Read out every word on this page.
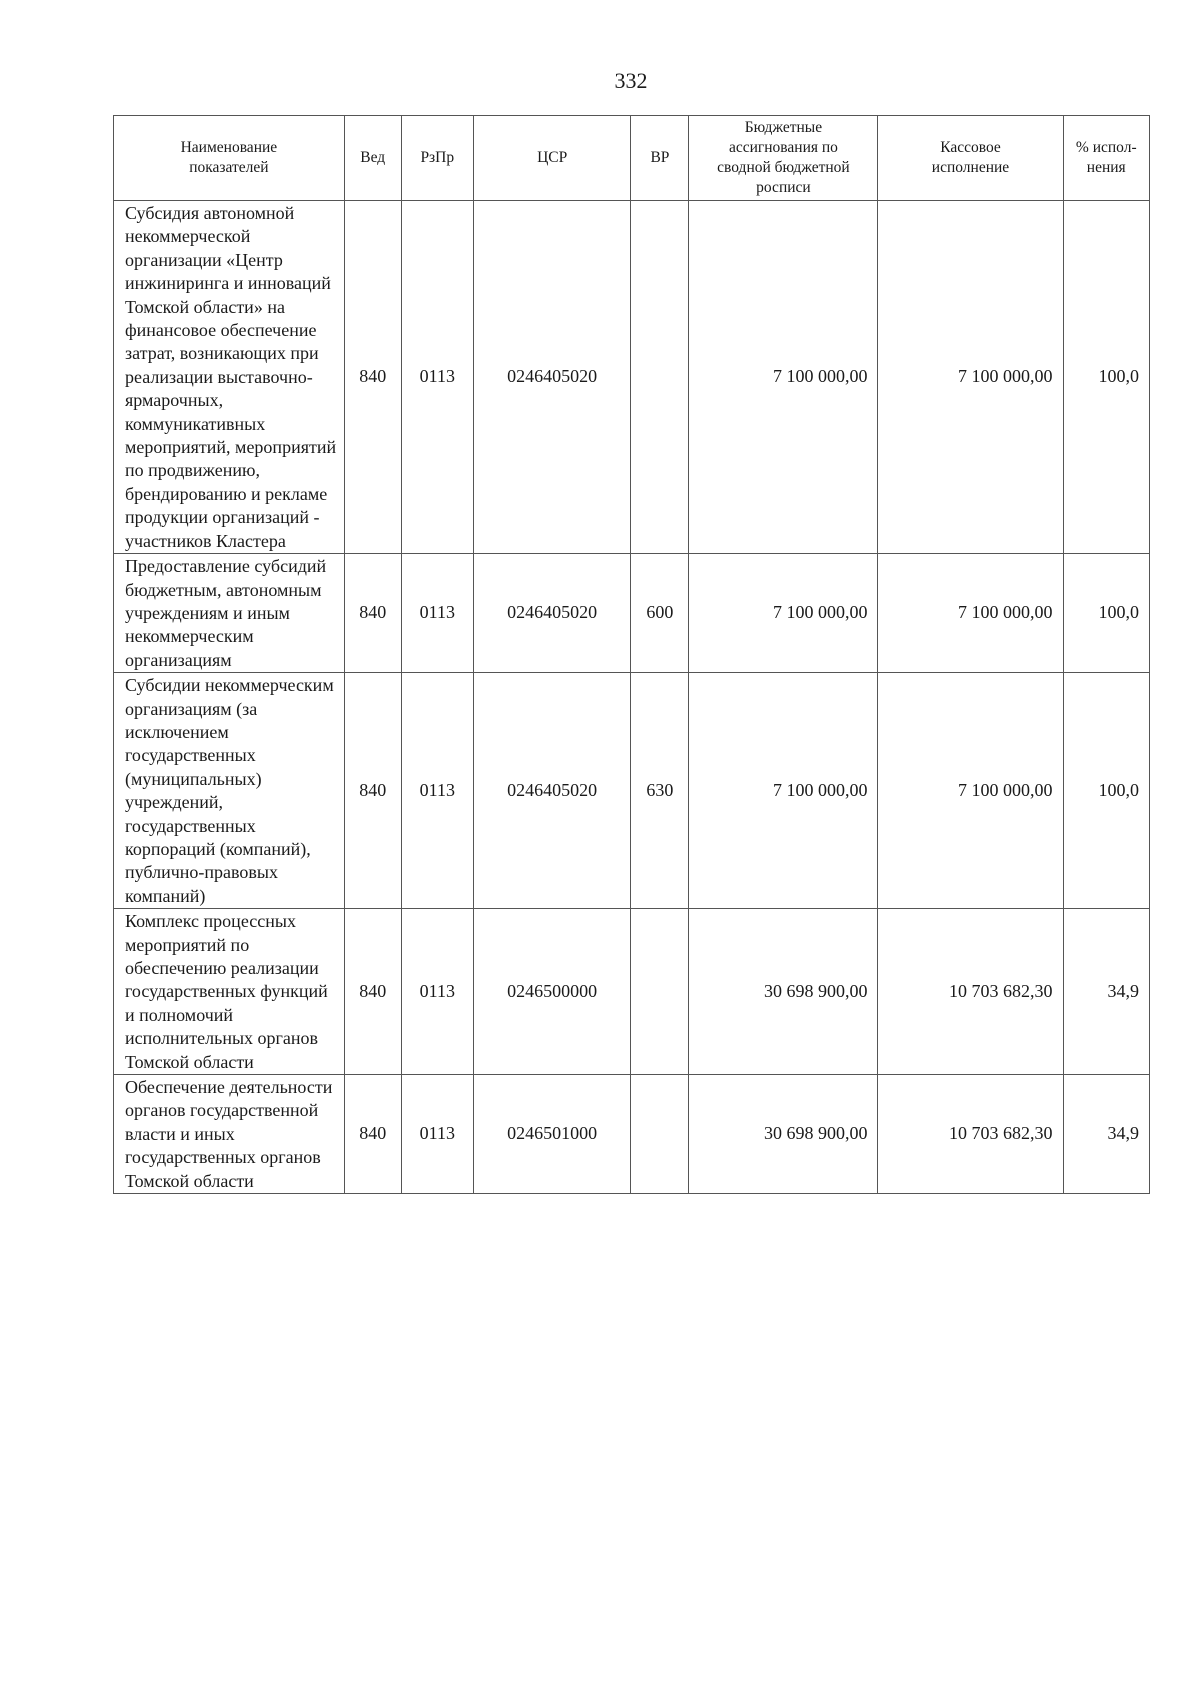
332
Наименование показателей	Вед	РзПр	ЦСР	ВР	Бюджетные ассигнования по сводной бюджетной росписи	Кассовое исполнение	% испол-нения
Субсидия автономной некоммерческой организации «Центр инжиниринга и инноваций Томской области» на финансовое обеспечение затрат, возникающих при реализации выставочно-ярмарочных, коммуникативных мероприятий, мероприятий по продвижению, брендированию и рекламе продукции организаций - участников Кластера	840	0113	0246405020		7 100 000,00	7 100 000,00	100,0
Предоставление субсидий бюджетным, автономным учреждениям и иным некоммерческим организациям	840	0113	0246405020	600	7 100 000,00	7 100 000,00	100,0
Субсидии некоммерческим организациям (за исключением государственных (муниципальных) учреждений, государственных корпораций (компаний), публично-правовых компаний)	840	0113	0246405020	630	7 100 000,00	7 100 000,00	100,0
Комплекс процессных мероприятий по обеспечению реализации государственных функций и полномочий исполнительных органов Томской области	840	0113	0246500000		30 698 900,00	10 703 682,30	34,9
Обеспечение деятельности органов государственной власти и иных государственных органов Томской области	840	0113	0246501000		30 698 900,00	10 703 682,30	34,9
